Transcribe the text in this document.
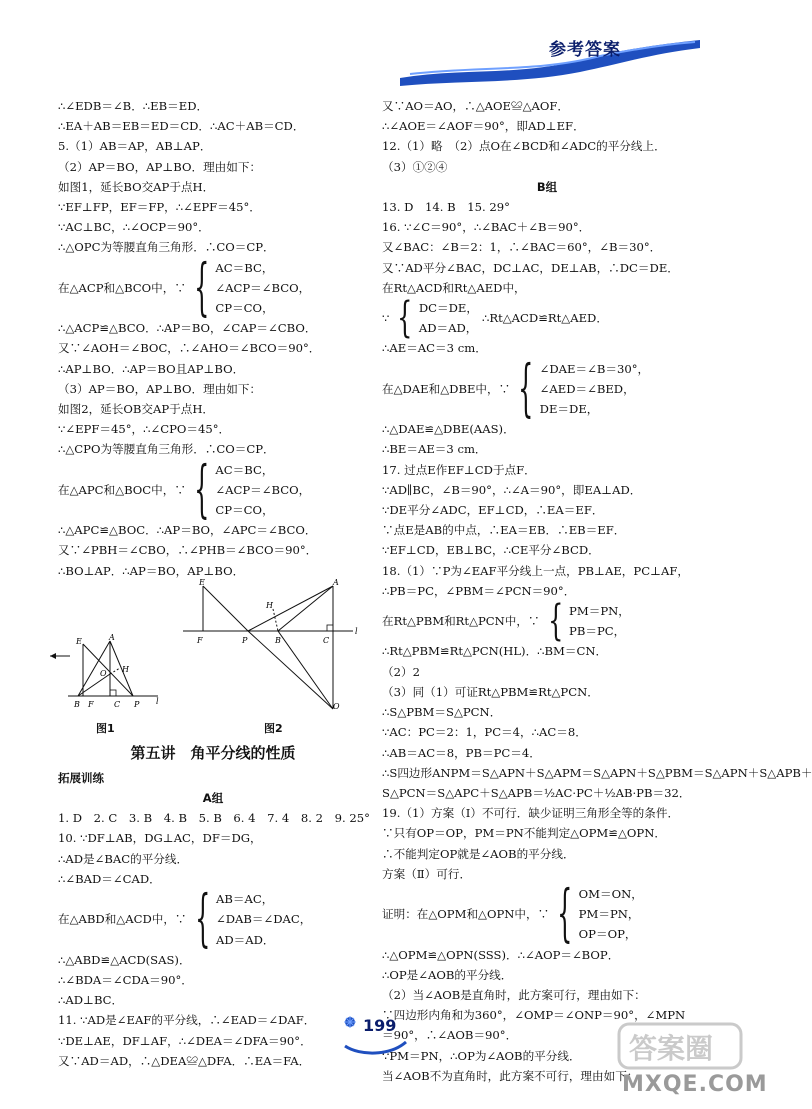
参考答案
∴∠EDB＝∠B．∴EB＝ED．
∴EA＋AB＝EB＝ED＝CD．∴AC＋AB＝CD．
5.（1）AB＝AP，AB⊥AP．
（2）AP＝BO，AP⊥BO．理由如下：
如图1，延长BO交AP于点H．
∵EF⊥FP，EF＝FP，∴∠EPF＝45°．
∵AC⊥BC，∴∠OCP＝90°．
∴△OPC为等腰直角三角形．∴CO＝CP．
在△ACP和△BCO中，∵ { AC＝BC，
∠ACP＝∠BCO，
CP＝CO，
∴△ACP≌△BCO．∴AP＝BO，∠CAP＝∠CBO．
又∵∠AOH＝∠BOC，∴∠AHO＝∠BCO＝90°．
∴AP⊥BO．∴AP＝BO且AP⊥BO．
（3）AP＝BO，AP⊥BO．理由如下：
如图2，延长OB交AP于点H．
∵∠EPF＝45°，∴∠CPO＝45°．
∴△CPO为等腰直角三角形．∴CO＝CP．
在△APC和△BOC中，∵ { AC＝BC，
∠ACP＝∠BCO，
CP＝CO，
∴△APC≌△BOC．∴AP＝BO，∠APC＝∠BCO．
又∵∠PBH＝∠CBO，∴∠PHB＝∠BCO＝90°．
∴BO⊥AP．∴AP＝BO，AP⊥BO．
E	A
O H
B F	C P l
图1
E	A
H
F	P	B	C
l
O
图2
第五讲　角平分线的性质
拓展训练
A组
1. D　2. C　3. B　4. B　5. B　6. 4　7. 4　8. 2　9. 25°
10. ∵DF⊥AB，DG⊥AC，DF＝DG，
∴AD是∠BAC的平分线．
∴∠BAD＝∠CAD．
在△ABD和△ACD中，∵ { AB＝AC，
∠DAB＝∠DAC，
AD＝AD．
∴△ABD≌△ACD(SAS)．
∴∠BDA＝∠CDA＝90°．
∴AD⊥BC．
11. ∵AD是∠EAF的平分线，∴∠EAD＝∠DAF．
∵DE⊥AE，DF⊥AF，∴∠DEA＝∠DFA＝90°．
又∵AD＝AD，∴△DEA≌△DFA．∴EA＝FA．
又∵AO＝AO，∴△AOE≌△AOF．
∴∠AOE＝∠AOF＝90°，即AD⊥EF．
12.（1）略　（2）点O在∠BCD和∠ADC的平分线上．
（3）①②④
B组
13. D　14. B　15. 29°
16. ∵∠C＝90°，∴∠BAC＋∠B＝90°．
又∠BAC：∠B＝2：1，∴∠BAC＝60°，∠B＝30°．
又∵AD平分∠BAC，DC⊥AC，DE⊥AB，∴DC＝DE．
在Rt△ACD和Rt△AED中，
∵ { DC＝DE，
AD＝AD，
∴Rt△ACD≌Rt△AED．
∴AE＝AC＝3 cm．
在△DAE和△DBE中，∵ { ∠DAE＝∠B＝30°，
∠AED＝∠BED，
DE＝DE，
∴△DAE≌△DBE(AAS)．
∴BE＝AE＝3 cm．
17. 过点E作EF⊥CD于点F．
∵AD∥BC，∠B＝90°，∴∠A＝90°，即EA⊥AD．
∵DE平分∠ADC，EF⊥CD，∴EA＝EF．
∵点E是AB的中点，∴EA＝EB．∴EB＝EF．
∵EF⊥CD，EB⊥BC，∴CE平分∠BCD．
18.（1）∵P为∠EAF平分线上一点，PB⊥AE，PC⊥AF，
∴PB＝PC，∠PBM＝∠PCN＝90°．
在Rt△PBM和Rt△PCN中，∵ { PM＝PN，
PB＝PC，
∴Rt△PBM≌Rt△PCN(HL)．∴BM＝CN．
（2）2
（3）同（1）可证Rt△PBM≌Rt△PCN．
∴S△PBM＝S△PCN．
∵AC：PC＝2：1，PC＝4，∴AC＝8．
∴AB＝AC＝8，PB＝PC＝4．
∴S四边形ANPM＝S△APN＋S△APM＝S△APN＋S△PBM＝S△APN＋S△APB＋
S△PCN＝S△APC＋S△APB＝½AC·PC＋½AB·PB＝32．
19.（1）方案（Ⅰ）不可行．缺少证明三角形全等的条件．
∵只有OP＝OP，PM＝PN不能判定△OPM≌△OPN．
∴不能判定OP就是∠AOB的平分线．
方案（Ⅱ）可行．
证明：在△OPM和△OPN中，∵ { OM＝ON，
PM＝PN，
OP＝OP，
∴△OPM≌△OPN(SSS)．∴∠AOP＝∠BOP．
∴OP是∠AOB的平分线．
（2）当∠AOB是直角时，此方案可行，理由如下：
∵四边形内角和为360°，∠OMP＝∠ONP＝90°，∠MPN
＝90°，∴∠AOB＝90°．
∵PM＝PN，∴OP为∠AOB的平分线．
当∠AOB不为直角时，此方案不可行，理由如下：
199
答案圈
MXQE.COM
